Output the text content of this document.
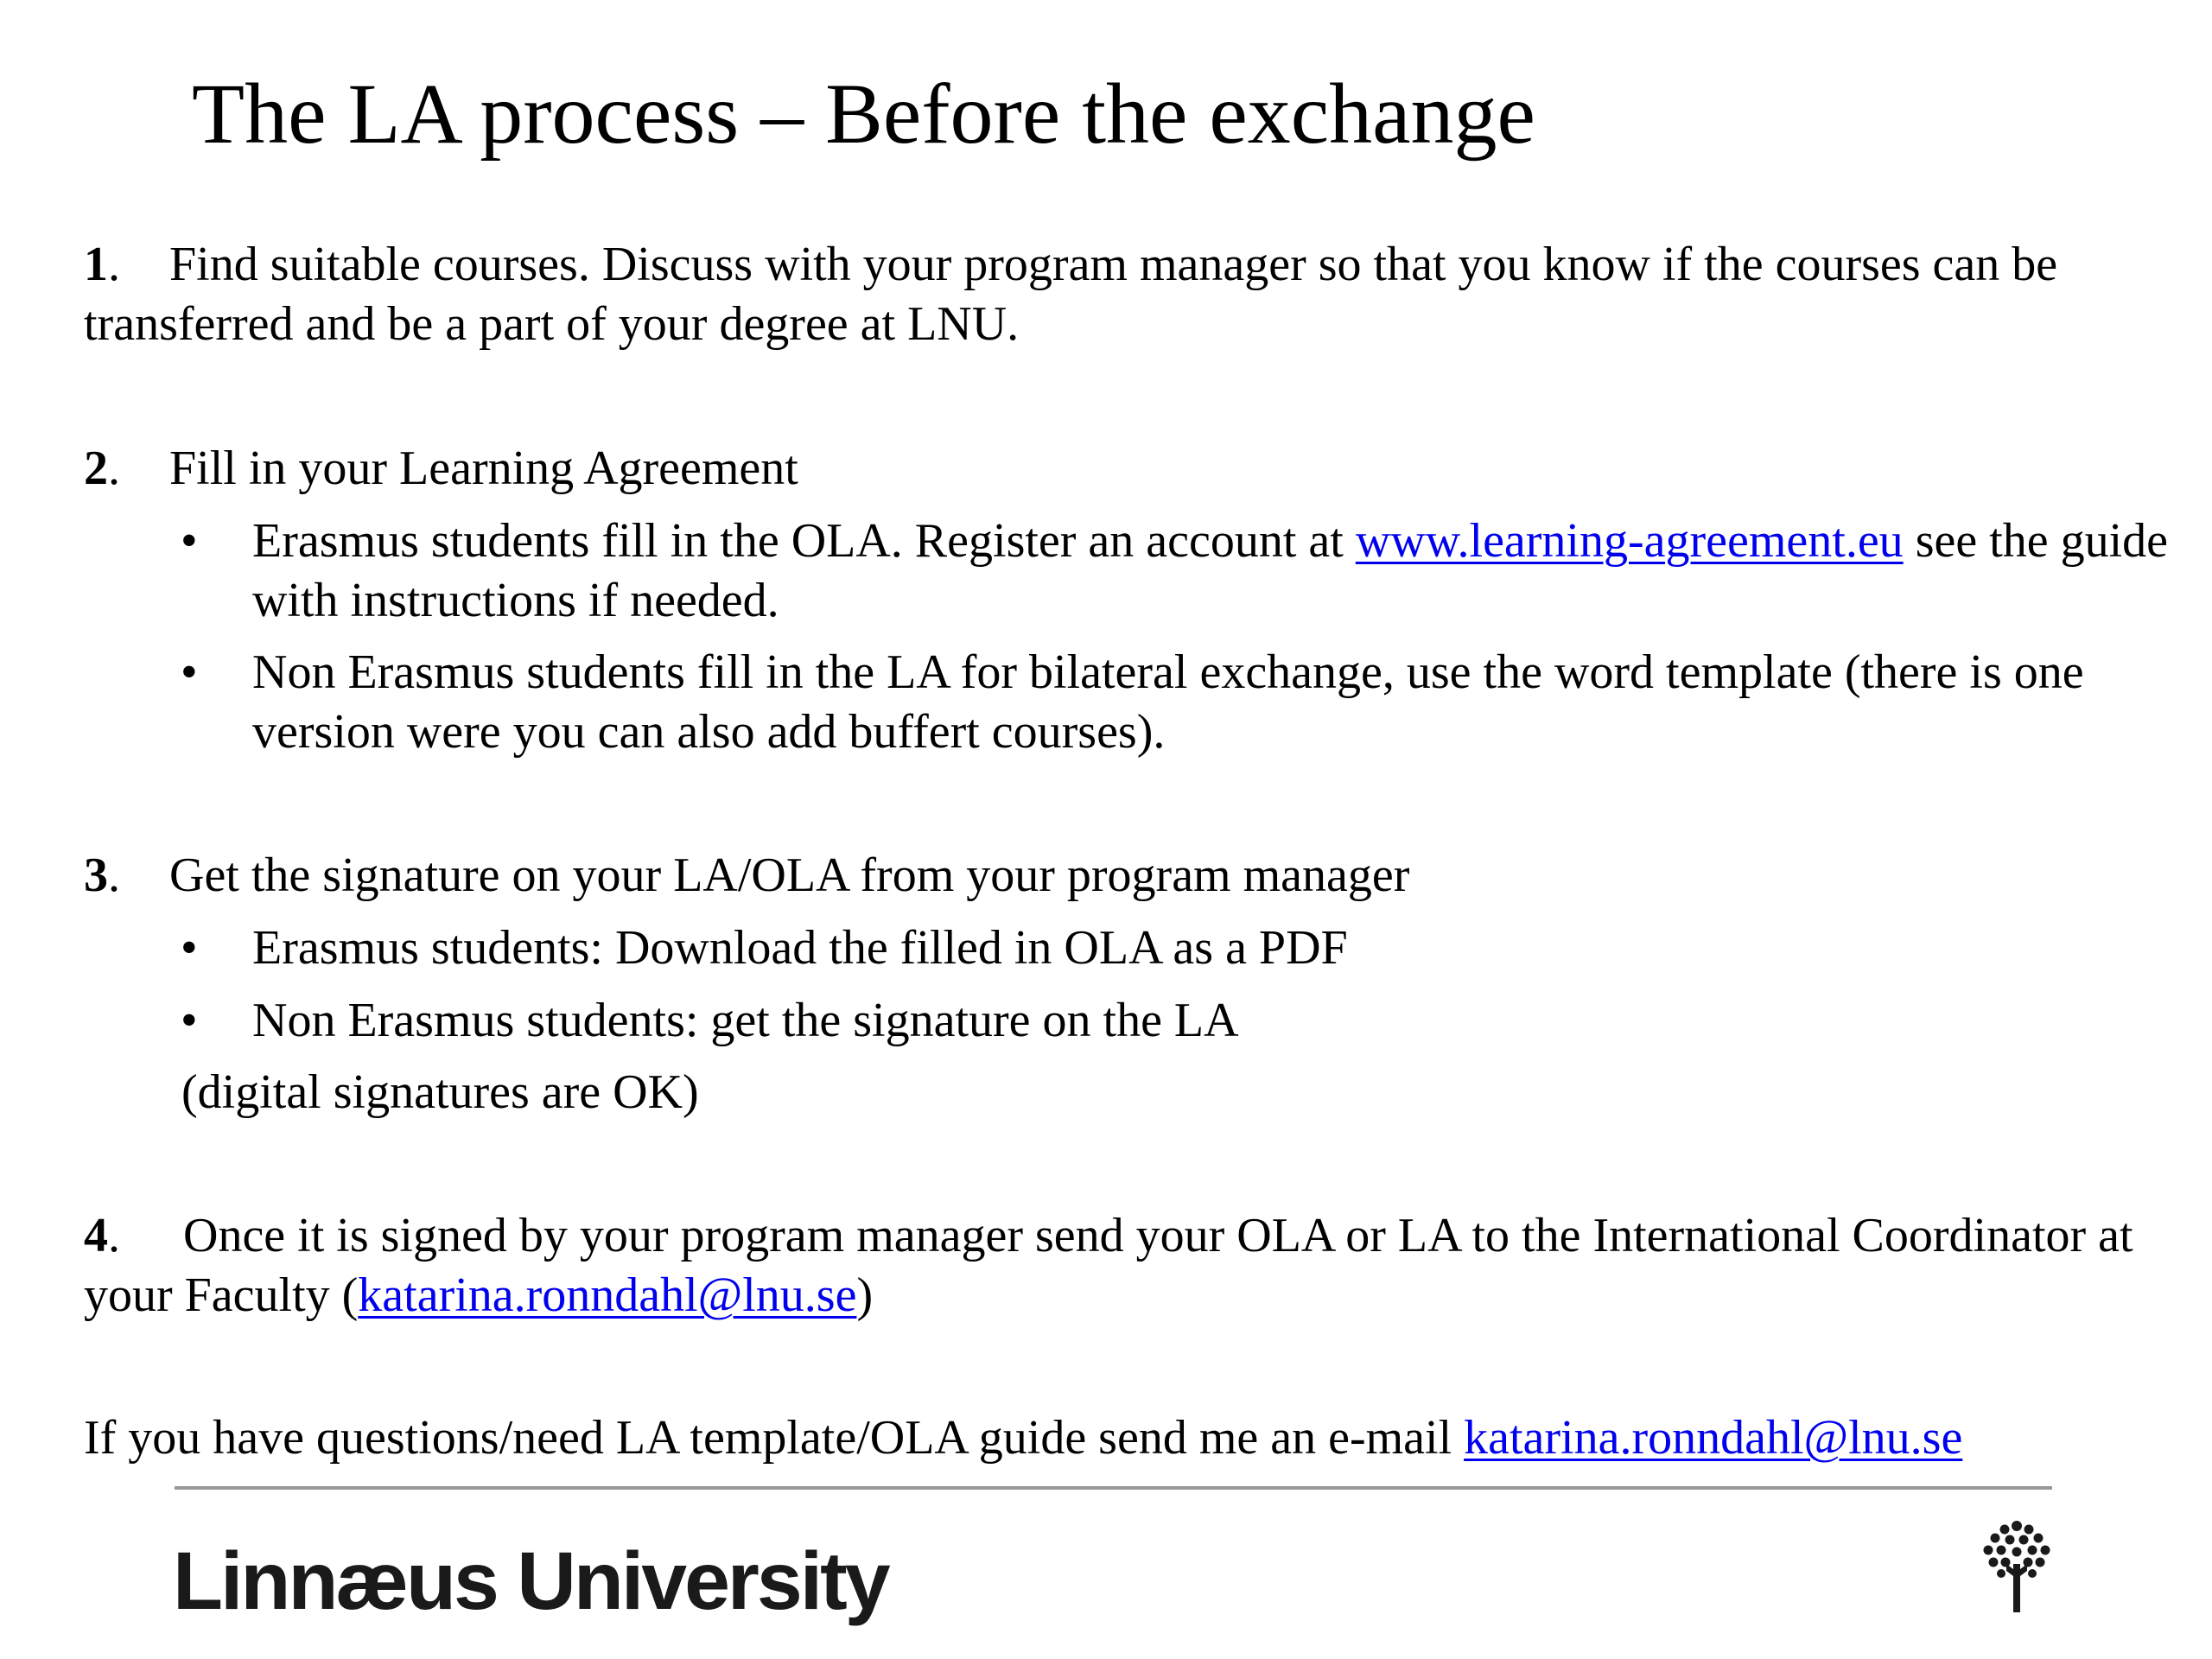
The LA process – Before the exchange

1. Find suitable courses. Discuss with your program manager so that you know if the courses can be transferred and be a part of your degree at LNU.

2. Fill in your Learning Agreement

• Erasmus students fill in the OLA. Register an account at www.learning-agreement.eu see the guide with instructions if needed.
• Non Erasmus students fill in the LA for bilateral exchange, use the word template (there is one version were you can also add buffert courses).

3. Get the signature on your LA/OLA from your program manager

• Erasmus students: Download the filled in OLA as a PDF
• Non Erasmus students: get the signature on the LA

(digital signatures are OK)

4. Once it is signed by your program manager send your OLA or LA to the International Coordinator at your Faculty (katarina.ronndahl@lnu.se)

If you have questions/need LA template/OLA guide send me an e-mail katarina.ronndahl@lnu.se

Linnæus University
